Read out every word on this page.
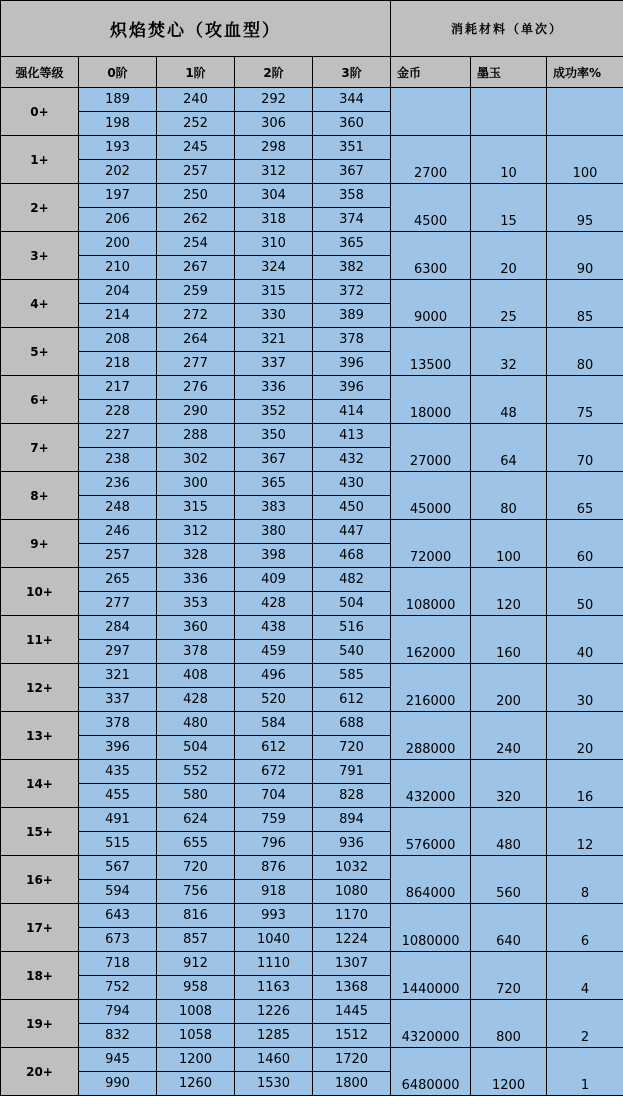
炽焰焚心（攻血型）					消耗材料（单次）		
强化等级	0阶	1阶	2阶	3阶	金币	墨玉	成功率%
0+	189	240	292	344			
	198	252	306	360			
1+	193	245	298	351	2700	10	100
	202	257	312	367			
2+	197	250	304	358	4500	15	95
	206	262	318	374			
3+	200	254	310	365	6300	20	90
	210	267	324	382			
4+	204	259	315	372	9000	25	85
	214	272	330	389			
5+	208	264	321	378	13500	32	80
	218	277	337	396			
6+	217	276	336	396	18000	48	75
	228	290	352	414			
7+	227	288	350	413	27000	64	70
	238	302	367	432			
8+	236	300	365	430	45000	80	65
	248	315	383	450			
9+	246	312	380	447	72000	100	60
	257	328	398	468			
10+	265	336	409	482	108000	120	50
	277	353	428	504			
11+	284	360	438	516	162000	160	40
	297	378	459	540			
12+	321	408	496	585	216000	200	30
	337	428	520	612			
13+	378	480	584	688	288000	240	20
	396	504	612	720			
14+	435	552	672	791	432000	320	16
	455	580	704	828			
15+	491	624	759	894	576000	480	12
	515	655	796	936			
16+	567	720	876	1032	864000	560	8
	594	756	918	1080			
17+	643	816	993	1170	1080000	640	6
	673	857	1040	1224			
18+	718	912	1110	1307	1440000	720	4
	752	958	1163	1368			
19+	794	1008	1226	1445	4320000	800	2
	832	1058	1285	1512			
20+	945	1200	1460	1720	6480000	1200	1
	990	1260	1530	1800			
